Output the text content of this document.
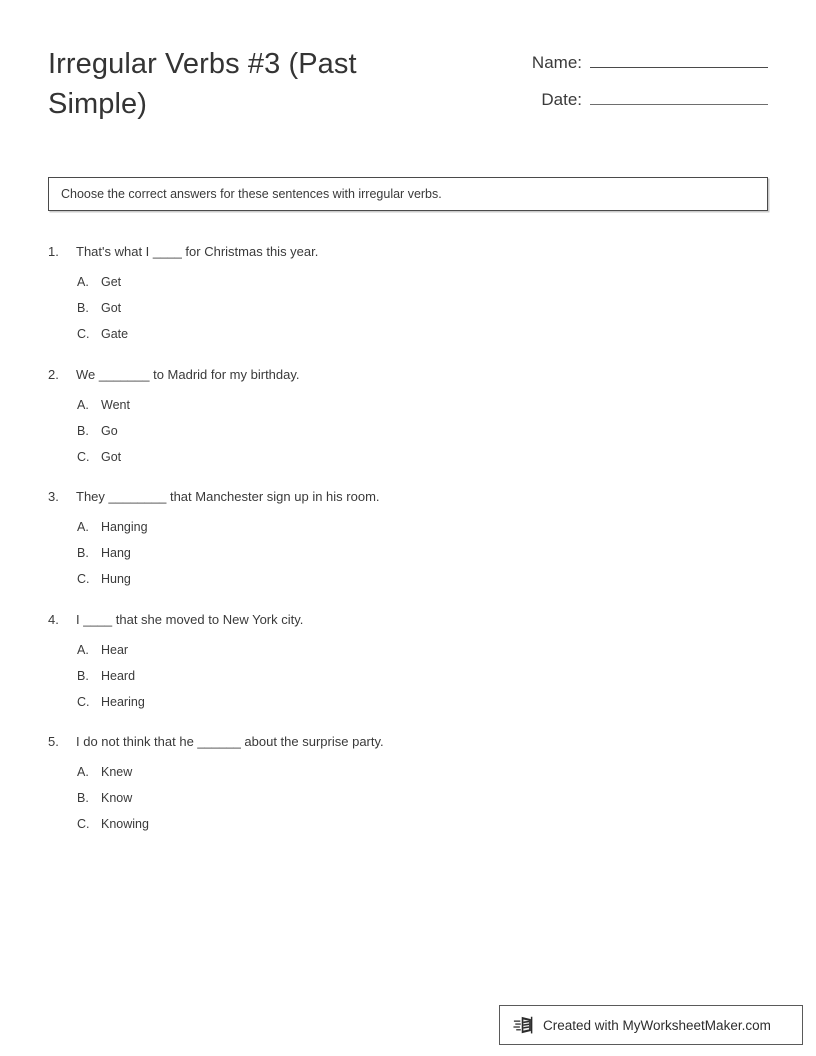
Irregular Verbs #3 (Past Simple)
Name:
Date:
Choose the correct answers for these sentences with irregular verbs.
1.	That's what I ____ for Christmas this year.
A. Get
B. Got
C. Gate
2.	We _______ to Madrid for my birthday.
A. Went
B. Go
C. Got
3.	They ________ that Manchester sign up in his room.
A. Hanging
B. Hang
C. Hung
4.	I ____ that she moved to New York city.
A. Hear
B. Heard
C. Hearing
5.	I do not think that he ______ about the surprise party.
A. Knew
B. Know
C. Knowing
Created with MyWorksheetMaker.com
